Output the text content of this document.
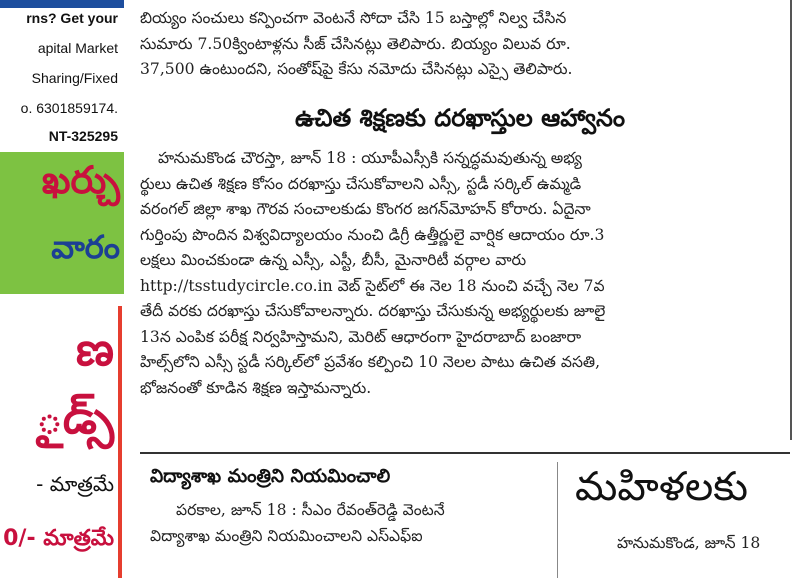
rns? Get your
apital Market
Sharing/Fixed
o. 6301859174.
NT-325295
ఖర్చు
వారం
ణ
ౖడ్స్
- మాత్రమే
0/- మాత్రమే

బియ్యం సంచులు కన్పించగా వెంటనే సోదా చేసి 15 బస్తాల్లో నిల్వ చేసిన

సుమారు 7.50క్వింటాళ్లను సీజ్ చేసినట్లు తెలిపారు. బియ్యం విలువ రూ.

37,500 ఉంటుందని, సంతోష్‌పై కేసు నమోదు చేసినట్లు ఎస్సై తెలిపారు.

ఉచిత శిక్షణకు దరఖాస్తుల ఆహ్వానం

హనుమకొండ చౌరస్తా, జూన్ 18 : యూపీఎస్సీకి సన్నద్ధమవుతున్న అభ్య

ర్థులు ఉచిత శిక్షణ కోసం దరఖాస్తు చేసుకోవాలని ఎస్సీ, స్టడీ సర్కిల్ ఉమ్మడి

వరంగల్ జిల్లా శాఖ గౌరవ సంచాలకుడు కొంగర జగన్‌మోహన్ కోరారు. ఏదైనా

గుర్తింపు పొందిన విశ్వవిద్యాలయం నుంచి డిగ్రీ ఉత్తీర్ణులై వార్షిక ఆదాయం రూ.3

లక్షలు మించకుండా ఉన్న ఎస్సీ, ఎస్టీ, బీసీ, మైనారిటీ వర్గాల వారు

http://tsstudycircle.co.in వెబ్ సైట్‌లో ఈ నెల 18 నుంచి వచ్చే నెల 7వ

తేదీ వరకు దరఖాస్తు చేసుకోవాలన్నారు. దరఖాస్తు చేసుకున్న అభ్యర్థులకు జూలై

13న ఎంపిక పరీక్ష నిర్వహిస్తామని, మెరిట్ ఆధారంగా హైదరాబాద్ బంజారా

హిల్స్‌లోని ఎస్సీ స్టడీ సర్కిల్‌లో ప్రవేశం కల్పించి 10 నెలల పాటు ఉచిత వసతి,

భోజనంతో కూడిన శిక్షణ ఇస్తామన్నారు.

విద్యాశాఖ మంత్రిని నియమించాలి

పరకాల, జూన్ 18 : సీఎం రేవంత్‌రెడ్డి వెంటనే

విద్యాశాఖ మంత్రిని నియమించాలని ఎస్ఎఫ్ఐ

మహిళలకు
హనుమకొండ, జూన్ 18
